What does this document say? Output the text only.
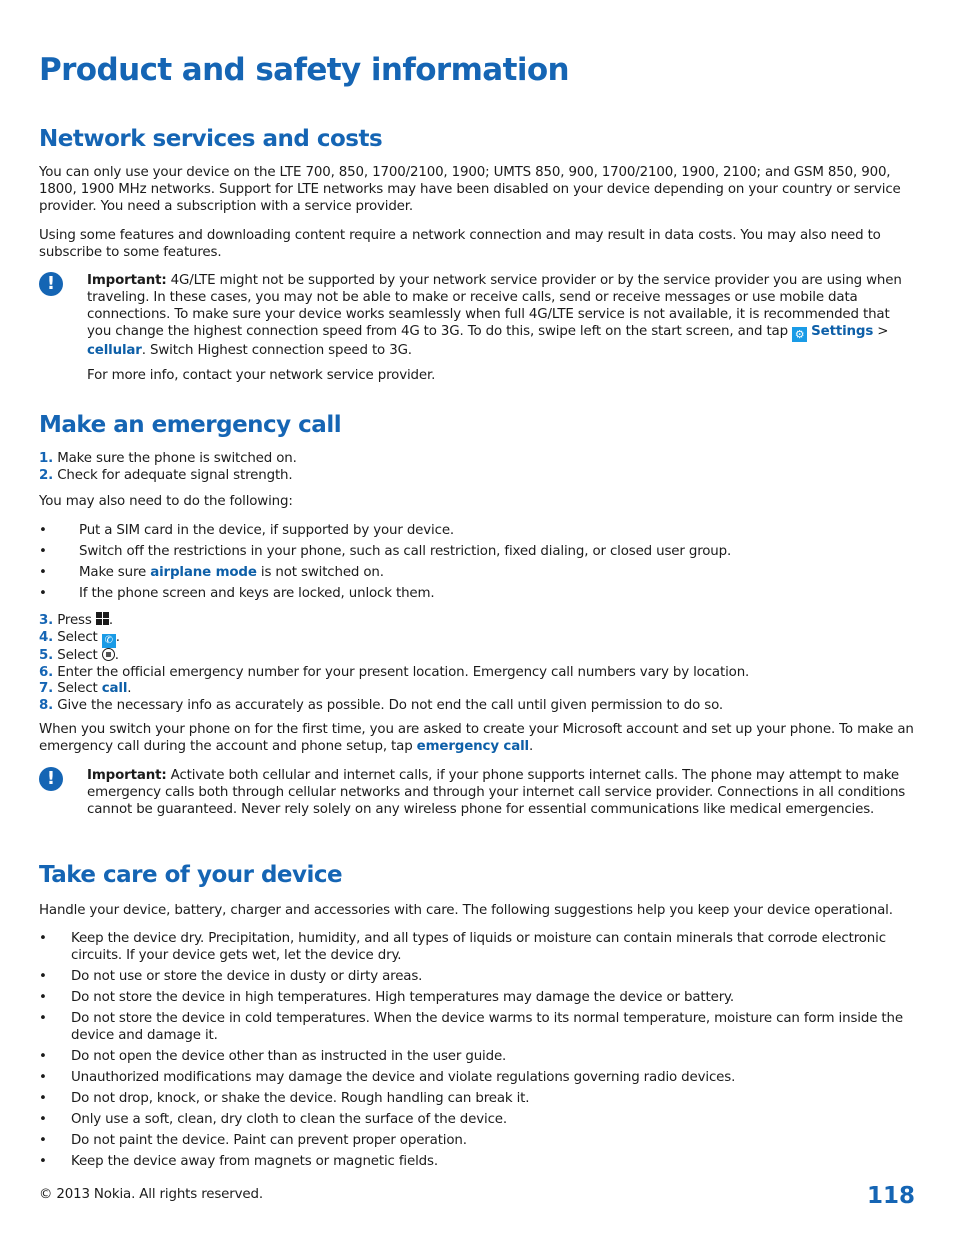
Product and safety information
Network services and costs

You can only use your device on the LTE 700, 850, 1700/2100, 1900; UMTS 850, 900, 1700/2100, 1900, 2100; and GSM 850, 900, 1800, 1900 MHz networks. Support for LTE networks may have been disabled on your device depending on your country or service provider. You need a subscription with a service provider.

Using some features and downloading content require a network connection and may result in data costs. You may also need to subscribe to some features.

!	Important: 4G/LTE might not be supported by your network service provider or by the service provider you are using when traveling. In these cases, you may not be able to make or receive calls, send or receive messages or use mobile data connections. To make sure your device works seamlessly when full 4G/LTE service is not available, it is recommended that you change the highest connection speed from 4G to 3G. To do this, swipe left on the start screen, and tap ⚙ Settings > cellular. Switch Highest connection speed to 3G.

For more info, contact your network service provider.

Make an emergency call
1. Make sure the phone is switched on.
2. Check for adequate signal strength.

You may also need to do the following:

• Put a SIM card in the device, if supported by your device.
• Switch off the restrictions in your phone, such as call restriction, fixed dialing, or closed user group.
• Make sure airplane mode is not switched on.
• If the phone screen and keys are locked, unlock them.
3. Press
.
4. Select ✆ .
5. Select .
6. Enter the official emergency number for your present location. Emergency call numbers vary by location.
7. Select call.
8. Give the necessary info as accurately as possible. Do not end the call until given permission to do so.

When you switch your phone on for the first time, you are asked to create your Microsoft account and set up your phone. To make an emergency call during the account and phone setup, tap emergency call.

!	Important: Activate both cellular and internet calls, if your phone supports internet calls. The phone may attempt to make emergency calls both through cellular networks and through your internet call service provider. Connections in all conditions cannot be guaranteed. Never rely solely on any wireless phone for essential communications like medical emergencies.

Take care of your device

Handle your device, battery, charger and accessories with care. The following suggestions help you keep your device operational.

• Keep the device dry. Precipitation, humidity, and all types of liquids or moisture can contain minerals that corrode electronic circuits. If your device gets wet, let the device dry.
• Do not use or store the device in dusty or dirty areas.
• Do not store the device in high temperatures. High temperatures may damage the device or battery.
• Do not store the device in cold temperatures. When the device warms to its normal temperature, moisture can form inside the device and damage it.
• Do not open the device other than as instructed in the user guide.
• Unauthorized modifications may damage the device and violate regulations governing radio devices.
• Do not drop, knock, or shake the device. Rough handling can break it.
• Only use a soft, clean, dry cloth to clean the surface of the device.
• Do not paint the device. Paint can prevent proper operation.
• Keep the device away from magnets or magnetic fields.
© 2013 Nokia. All rights reserved.	118
